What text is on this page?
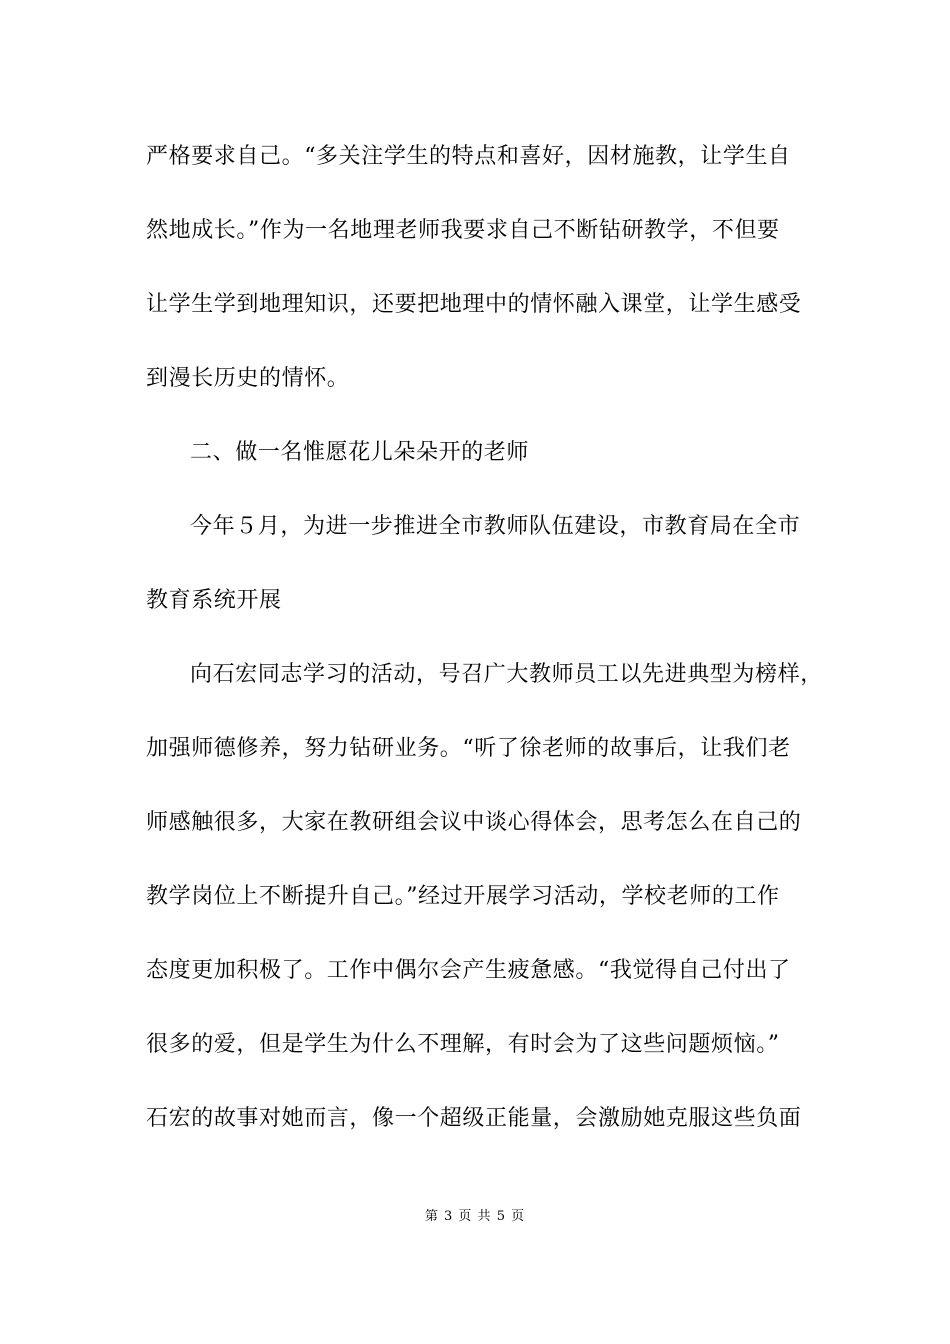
严格要求自己。“多关注学生的特点和喜好，因材施教，让学生自
然地成长。”作为一名地理老师我要求自己不断钻研教学，不但要
让学生学到地理知识，还要把地理中的情怀融入课堂，让学生感受
到漫长历史的情怀。
二、做一名惟愿花儿朵朵开的老师
今年５月，为进一步推进全市教师队伍建设，市教育局在全市
教育系统开展
向石宏同志学习的活动，号召广大教师员工以先进典型为榜样，
加强师德修养，努力钻研业务。“听了徐老师的故事后，让我们老
师感触很多，大家在教研组会议中谈心得体会，思考怎么在自己的
教学岗位上不断提升自己。”经过开展学习活动，学校老师的工作
态度更加积极了。工作中偶尔会产生疲惫感。“我觉得自己付出了
很多的爱，但是学生为什么不理解，有时会为了这些问题烦恼。”
石宏的故事对她而言，像一个超级正能量，会激励她克服这些负面
第 3 页 共 5 页
